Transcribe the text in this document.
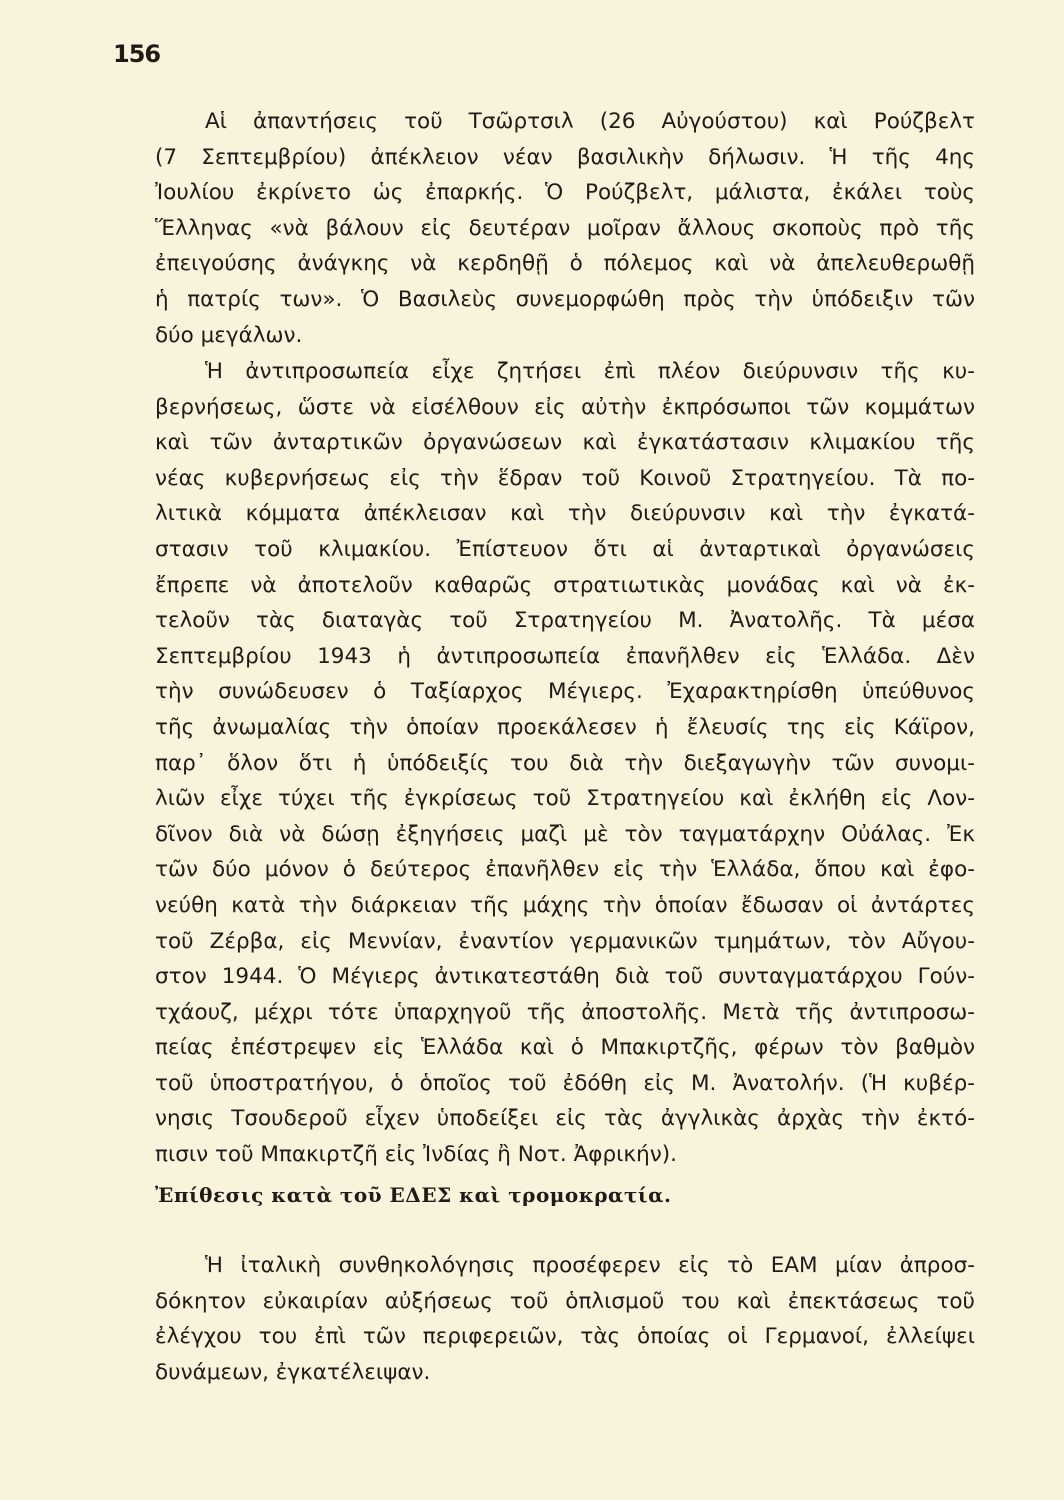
156
Αἱ ἀπαντήσεις τοῦ Τσῶρτσιλ (26 Αὐγούστου) καὶ Ρούζβελτ
(7 Σεπτεμβρίου) ἀπέκλειον νέαν βασιλικὴν δήλωσιν. Ἡ τῆς 4ης
Ἰουλίου ἐκρίνετο ὡς ἐπαρκής. Ὁ Ρούζβελτ, μάλιστα, ἐκάλει τοὺς
Ἕλληνας «νὰ βάλουν εἰς δευτέραν μοῖραν ἄλλους σκοποὺς πρὸ τῆς
ἐπειγούσης ἀνάγκης νὰ κερδηθῇ ὁ πόλεμος καὶ νὰ ἀπελευθερωθῇ
ἡ πατρίς των». Ὁ Βασιλεὺς συνεμορφώθη πρὸς τὴν ὑπόδειξιν τῶν
δύο μεγάλων.
Ἡ ἀντιπροσωπεία εἶχε ζητήσει ἐπὶ πλέον διεύρυνσιν τῆς κυ-
βερνήσεως, ὥστε νὰ εἰσέλθουν εἰς αὐτὴν ἐκπρόσωποι τῶν κομμάτων
καὶ τῶν ἀνταρτικῶν ὀργανώσεων καὶ ἐγκατάστασιν κλιμακίου τῆς
νέας κυβερνήσεως εἰς τὴν ἕδραν τοῦ Κοινοῦ Στρατηγείου. Τὰ πο-
λιτικὰ κόμματα ἀπέκλεισαν καὶ τὴν διεύρυνσιν καὶ τὴν ἐγκατά-
στασιν τοῦ κλιμακίου. Ἐπίστευον ὅτι αἱ ἀνταρτικαὶ ὀργανώσεις
ἔπρεπε νὰ ἀποτελοῦν καθαρῶς στρατιωτικὰς μονάδας καὶ νὰ ἐκ-
τελοῦν τὰς διαταγὰς τοῦ Στρατηγείου Μ. Ἀνατολῆς. Τὰ μέσα
Σεπτεμβρίου 1943 ἡ ἀντιπροσωπεία ἐπανῆλθεν εἰς Ἑλλάδα. Δὲν
τὴν συνώδευσεν ὁ Ταξίαρχος Μέγιερς. Ἐχαρακτηρίσθη ὑπεύθυνος
τῆς ἀνωμαλίας τὴν ὁποίαν προεκάλεσεν ἡ ἔλευσίς της εἰς Κάϊρον,
παρ᾽ ὅλον ὅτι ἡ ὑπόδειξίς του διὰ τὴν διεξαγωγὴν τῶν συνομι-
λιῶν εἶχε τύχει τῆς ἐγκρίσεως τοῦ Στρατηγείου καὶ ἐκλήθη εἰς Λον-
δῖνον διὰ νὰ δώσῃ ἐξηγήσεις μαζὶ μὲ τὸν ταγματάρχην Οὐάλας. Ἐκ
τῶν δύο μόνον ὁ δεύτερος ἐπανῆλθεν εἰς τὴν Ἑλλάδα, ὅπου καὶ ἐφο-
νεύθη κατὰ τὴν διάρκειαν τῆς μάχης τὴν ὁποίαν ἔδωσαν οἱ ἀντάρτες
τοῦ Ζέρβα, εἰς Μεννίαν, ἐναντίον γερμανικῶν τμημάτων, τὸν Αὔγου-
στον 1944. Ὁ Μέγιερς ἀντικατεστάθη διὰ τοῦ συνταγματάρχου Γούν-
τχάουζ, μέχρι τότε ὑπαρχηγοῦ τῆς ἀποστολῆς. Μετὰ τῆς ἀντιπροσω-
πείας ἐπέστρεψεν εἰς Ἑλλάδα καὶ ὁ Μπακιρτζῆς, φέρων τὸν βαθμὸν
τοῦ ὑποστρατήγου, ὁ ὁποῖος τοῦ ἐδόθη εἰς Μ. Ἀνατολήν. (Ἡ κυβέρ-
νησις Τσουδεροῦ εἶχεν ὑποδείξει εἰς τὰς ἀγγλικὰς ἀρχὰς τὴν ἐκτό-
πισιν τοῦ Μπακιρτζῆ εἰς Ἰνδίας ἢ Νοτ. Ἀφρικήν).
Ἐπίθεσις κατὰ τοῦ ΕΔΕΣ καὶ τρομοκρατία.
Ἡ ἰταλικὴ συνθηκολόγησις προσέφερεν εἰς τὸ ΕΑΜ μίαν ἀπροσ-
δόκητον εὐκαιρίαν αὐξήσεως τοῦ ὁπλισμοῦ του καὶ ἐπεκτάσεως τοῦ
ἐλέγχου του ἐπὶ τῶν περιφερειῶν, τὰς ὁποίας οἱ Γερμανοί, ἐλλείψει
δυνάμεων, ἐγκατέλειψαν.
